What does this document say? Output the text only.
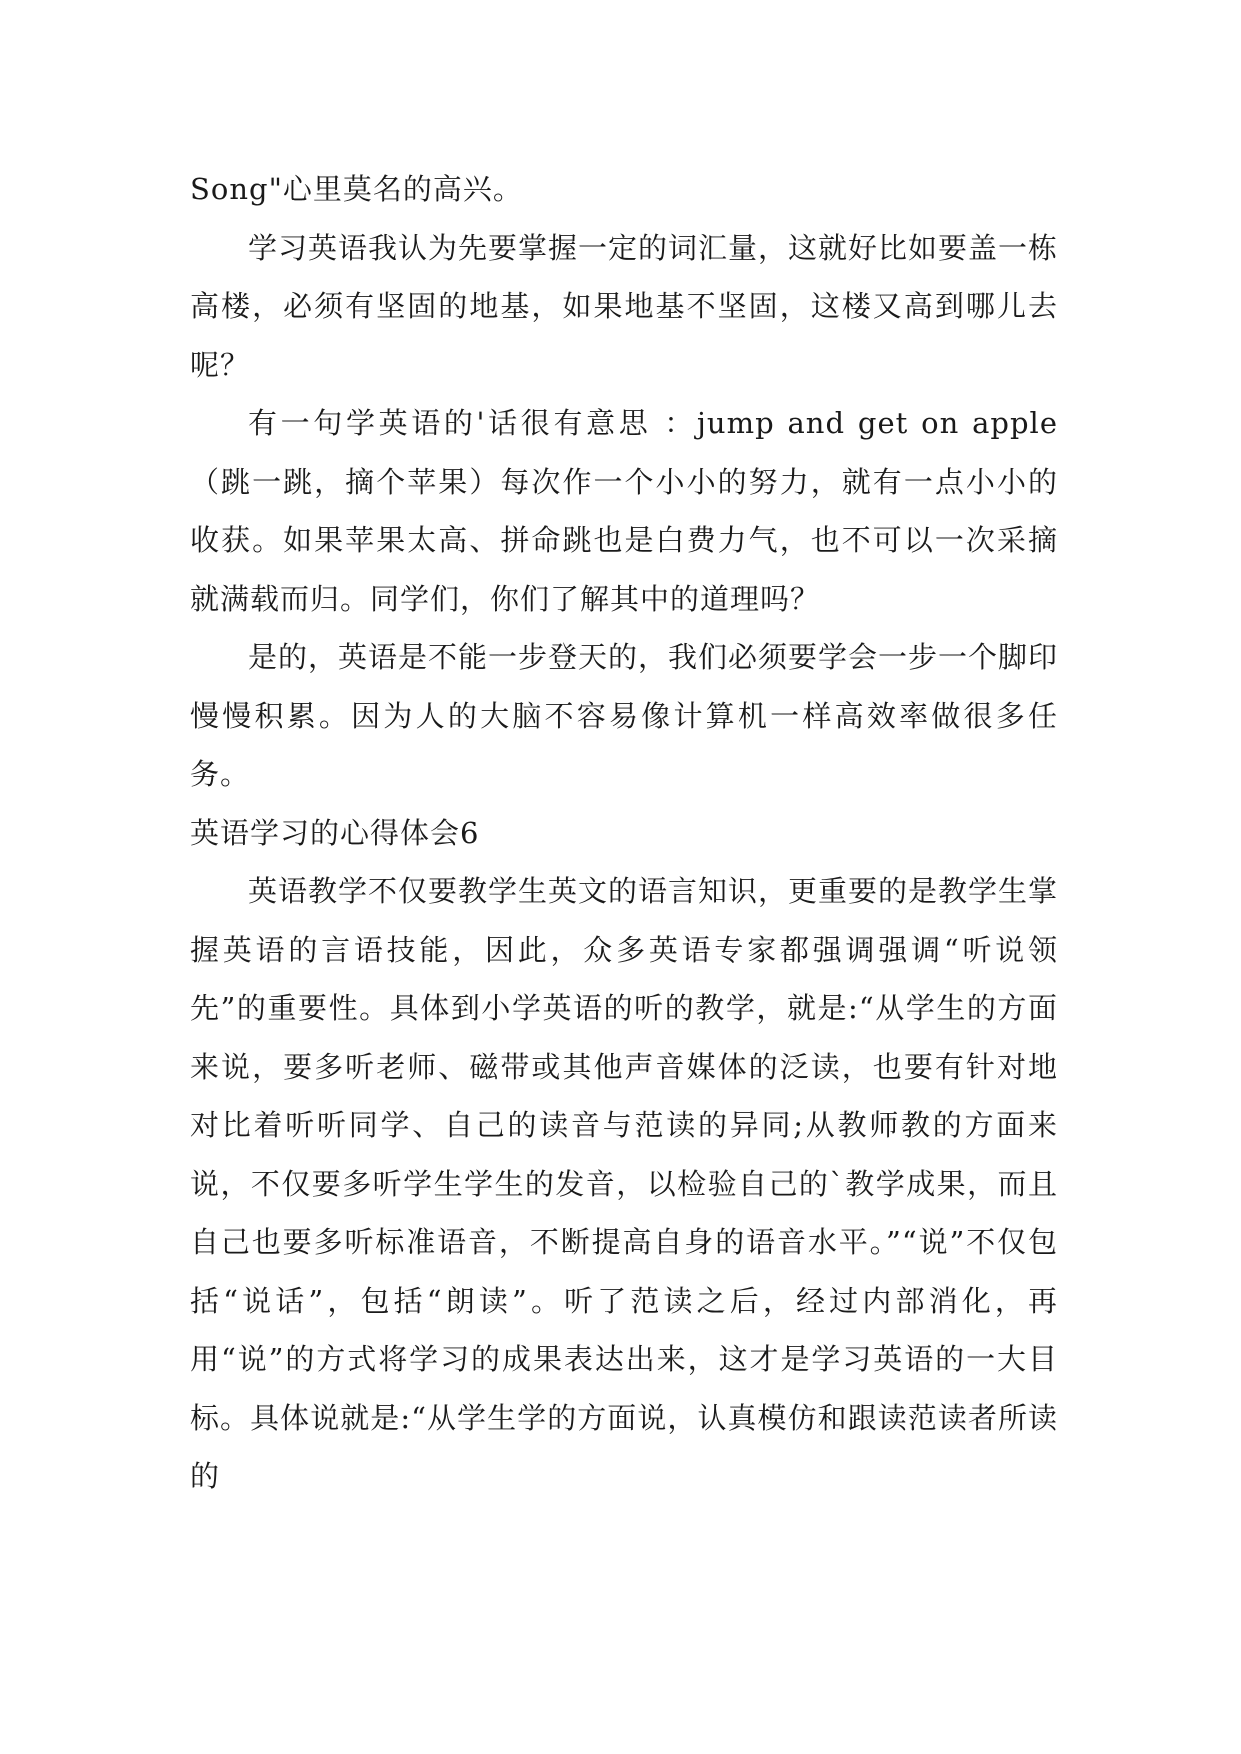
Song"心里莫名的高兴。

学习英语我认为先要掌握一定的词汇量，这就好比如要盖一栋高楼，必须有坚固的地基，如果地基不坚固，这楼又高到哪儿去呢？

有一句学英语的'话很有意思 ：jump and get on apple（跳一跳，摘个苹果）每次作一个小小的努力，就有一点小小的收获。如果苹果太高、拼命跳也是白费力气，也不可以一次采摘就满载而归。同学们，你们了解其中的道理吗？

是的，英语是不能一步登天的，我们必须要学会一步一个脚印慢慢积累。因为人的大脑不容易像计算机一样高效率做很多任务。

英语学习的心得体会6

英语教学不仅要教学生英文的语言知识，更重要的是教学生掌握英语的言语技能，因此，众多英语专家都强调强调“听说领先”的重要性。具体到小学英语的听的教学，就是:“从学生的方面来说，要多听老师、磁带或其他声音媒体的泛读，也要有针对地对比着听听同学、自己的读音与范读的异同;从教师教的方面来说，不仅要多听学生学生的发音，以检验自己的`教学成果，而且自己也要多听标准语音，不断提高自身的语音水平。”“说”不仅包括“说话”，包括“朗读”。听了范读之后，经过内部消化，再用“说”的方式将学习的成果表达出来，这才是学习英语的一大目标。具体说就是:“从学生学的方面说，认真模仿和跟读范读者所读的
